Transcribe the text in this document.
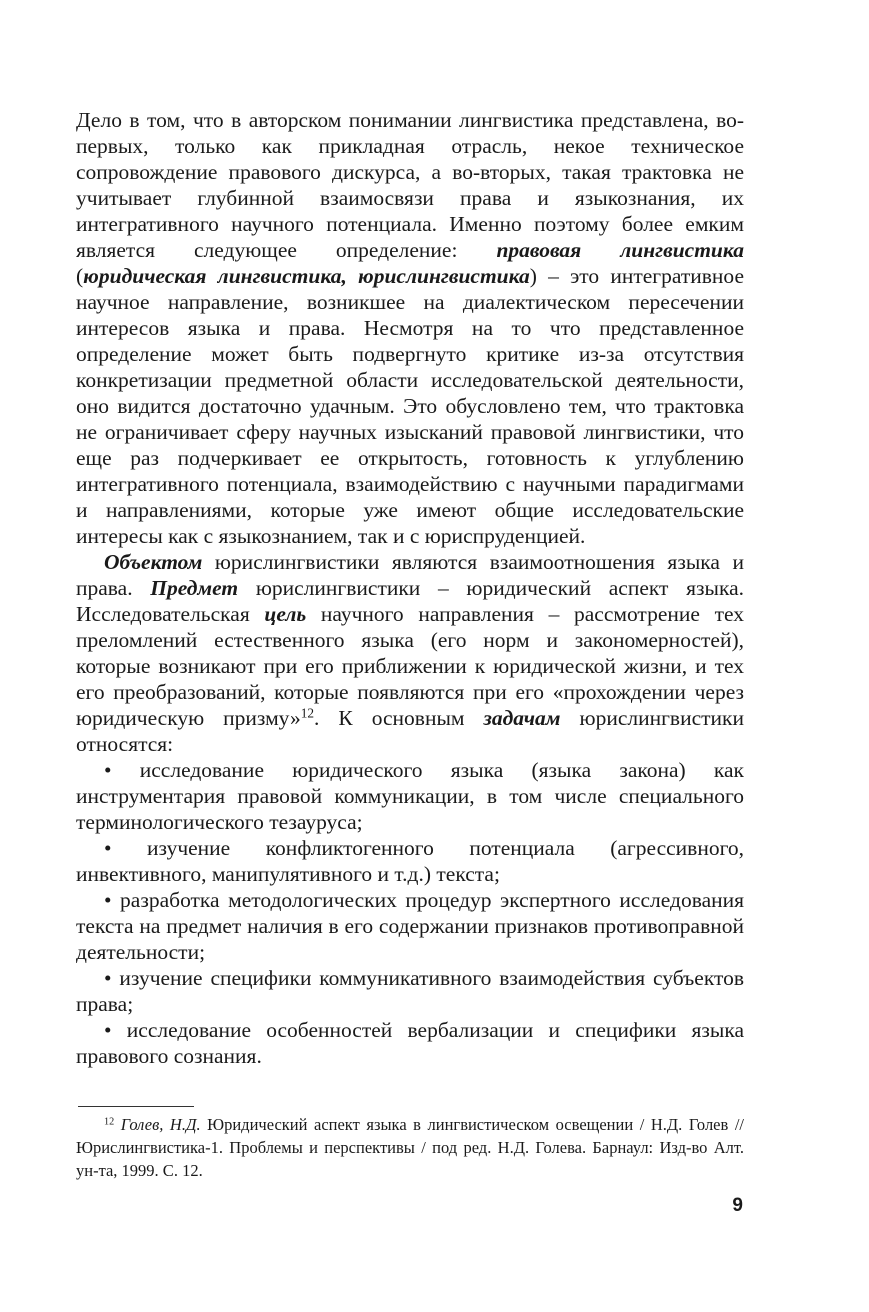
Дело в том, что в авторском понимании лингвистика представлена, во-первых, только как прикладная отрасль, некое техническое сопровождение правового дискурса, а во-вторых, такая трактовка не учитывает глубинной взаимосвязи права и языкознания, их интегративного научного потенциала. Именно поэтому более емким является следующее определение: правовая лингвистика (юридическая лингвистика, юрислингвистика) – это интегративное научное направление, возникшее на диалектическом пересечении интересов языка и права. Несмотря на то что представленное определение может быть подвергнуто критике из-за отсутствия конкретизации предметной области исследовательской деятельности, оно видится достаточно удачным. Это обусловлено тем, что трактовка не ограничивает сферу научных изысканий правовой лингвистики, что еще раз подчеркивает ее открытость, готовность к углублению интегративного потенциала, взаимодействию с научными парадигмами и направлениями, которые уже имеют общие исследовательские интересы как с языкознанием, так и с юриспруденцией.

Объектом юрислингвистики являются взаимоотношения языка и права. Предмет юрислингвистики – юридический аспект языка. Исследовательская цель научного направления – рассмотрение тех преломлений естественного языка (его норм и закономерностей), которые возникают при его приближении к юридической жизни, и тех его преобразований, которые появляются при его «прохождении через юридическую призму»$^{12}$. К основным задачам юрислингвистики относятся:

• исследование юридического языка (языка закона) как инструментария правовой коммуникации, в том числе специального терминологического тезауруса;

• изучение конфликтогенного потенциала (агрессивного, инвективного, манипулятивного и т.д.) текста;

• разработка методологических процедур экспертного исследования текста на предмет наличия в его содержании признаков противоправной деятельности;

• изучение специфики коммуникативного взаимодействия субъектов права;

• исследование особенностей вербализации и специфики языка правового сознания.

$^{12}$ Голев, Н.Д. Юридический аспект языка в лингвистическом освещении / Н.Д. Голев // Юрислингвистика-1. Проблемы и перспективы / под ред. Н.Д. Голева. Барнаул: Изд-во Алт. ун-та, 1999. С. 12.
9
